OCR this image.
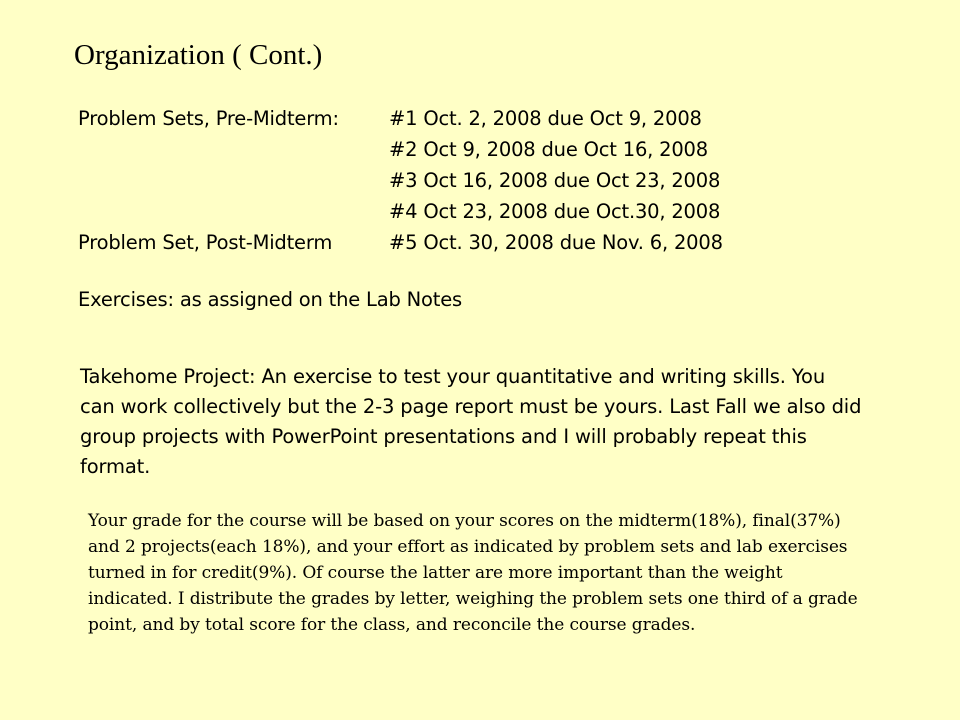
Organization ( Cont.)
Problem Sets, Pre-Midterm:	#1 Oct. 2, 2008 due Oct 9, 2008
#2 Oct 9, 2008 due Oct 16, 2008
#3 Oct 16, 2008 due Oct 23, 2008
#4 Oct 23, 2008 due Oct.30, 2008
Problem Set, Post-Midterm	#5 Oct. 30, 2008 due Nov. 6, 2008
Exercises: as assigned on the Lab Notes
Takehome Project: An exercise to test your quantitative and writing skills. You
can work collectively but the 2-3 page report must be yours. Last Fall we also did
group projects with PowerPoint presentations and I will probably repeat this
format.
Your grade for the course will be based on your scores on the midterm(18%), final(37%)
and 2 projects(each 18%), and your effort as indicated by problem sets and lab exercises
turned in for credit(9%). Of course the latter are more important than the weight
indicated. I distribute the grades by letter, weighing the problem sets one third of a grade
point, and by total score for the class, and reconcile the course grades.
